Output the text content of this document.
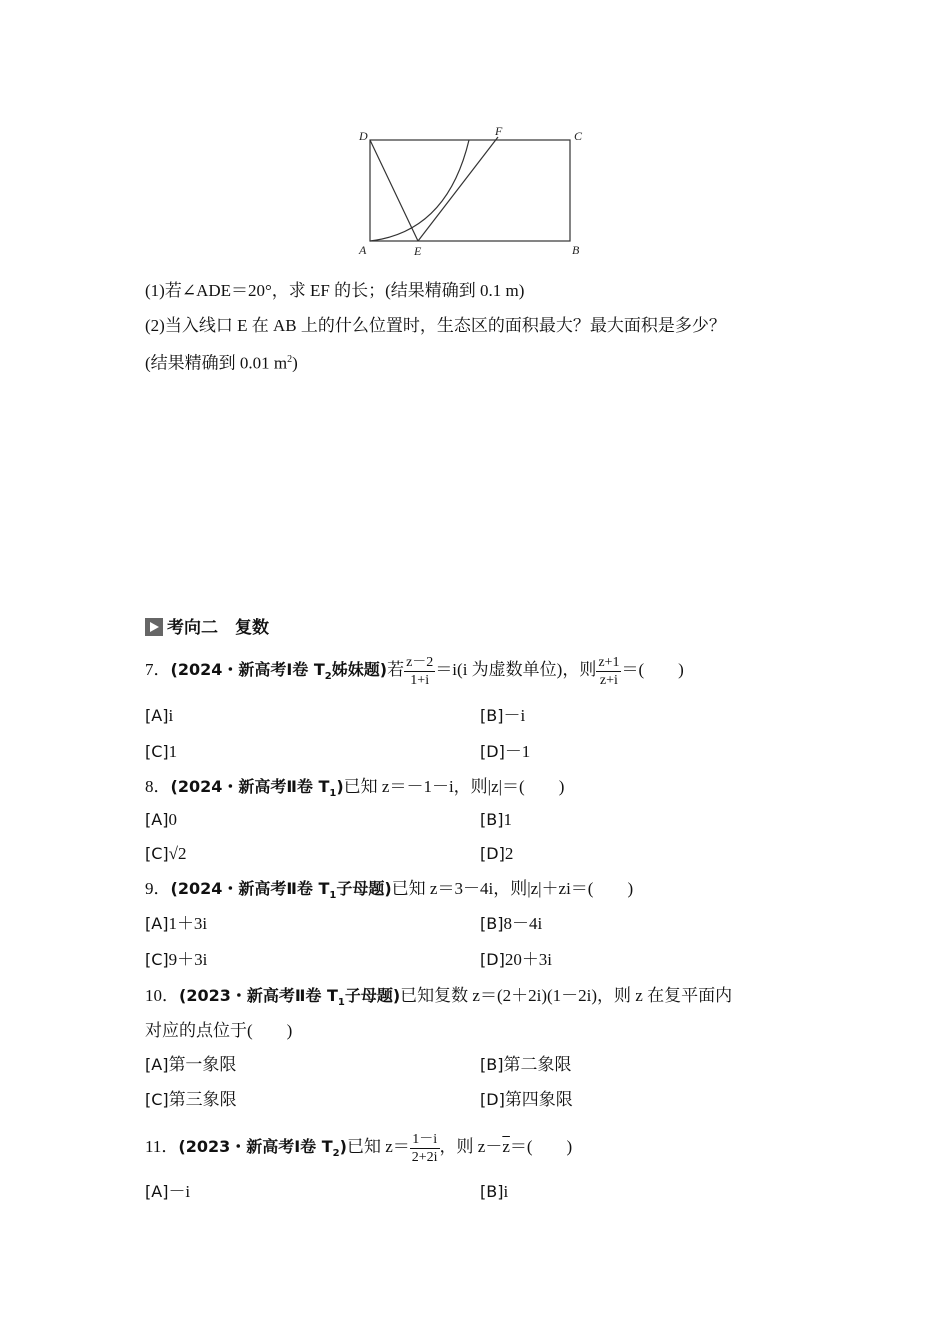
D	F	C
A	E	B
(1)若∠ADE＝20°，求 EF 的长；(结果精确到 0.1 m)
(2)当入线口 E 在 AB 上的什么位置时，生态区的面积最大？最大面积是多少？
(结果精确到 0.01 $m^2$)
考向二　复数
7．(2024・新高考Ⅰ卷 $T_2$姊妹题)若 $\frac{z-2}{1+i} =i(i$ 为虚数单位)，则 $\frac{z+1}{z+i}$ ＝(　　)
[A]i	[B]－i
[C]1	[D]－1
8．(2024・新高考Ⅱ卷 $T_1$)已知 z＝－1－i，则|z|＝(　　)
[A]0	[B]1
[C]√2	[D]2
9．(2024・新高考Ⅱ卷 $T_1$子母题)已知 z＝3－4i，则|z|＋zi＝(　　)
[A]1＋3i	[B]8－4i
[C]9＋3i	[D]20＋3i
10．(2023・新高考Ⅱ卷 $T_1$子母题)已知复数 z＝(2＋2i)(1－2i)，则 z 在复平面内
对应的点位于(　　)
[A]第一象限	[B]第二象限
[C]第三象限	[D]第四象限
11．(2023・新高考Ⅰ卷 $T_2$)已知 $z= \frac{1-i}{2+2i}$ ，则 $z-\overline{z}=$(　　)
[A]－i	[B]i
